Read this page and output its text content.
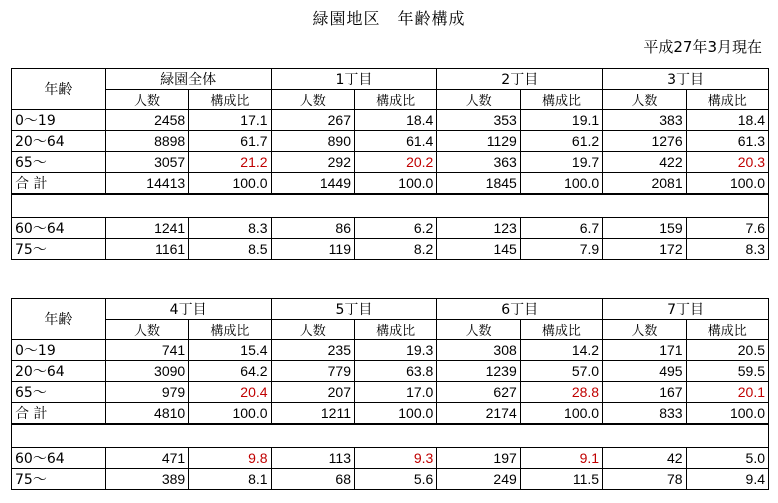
緑園地区　年齢構成
平成27年3月現在
年齢	緑園全体		1丁目		2丁目		3丁目	
	人数	構成比	人数	構成比	人数	構成比	人数	構成比
0～19	2458	17.1	267	18.4	353	19.1	383	18.4
20～64	8898	61.7	890	61.4	1129	61.2	1276	61.3
65～	3057	21.2	292	20.2	363	19.7	422	20.3
合 計	14413	100.0	1449	100.0	1845	100.0	2081	100.0

60～64	1241	8.3	86	6.2	123	6.7	159	7.6
75～	1161	8.5	119	8.2	145	7.9	172	8.3
年齢	4丁目		5丁目		6丁目		7丁目	
	人数	構成比	人数	構成比	人数	構成比	人数	構成比
0～19	741	15.4	235	19.3	308	14.2	171	20.5
20～64	3090	64.2	779	63.8	1239	57.0	495	59.5
65～	979	20.4	207	17.0	627	28.8	167	20.1
合 計	4810	100.0	1211	100.0	2174	100.0	833	100.0

60～64	471	9.8	113	9.3	197	9.1	42	5.0
75～	389	8.1	68	5.6	249	11.5	78	9.4
